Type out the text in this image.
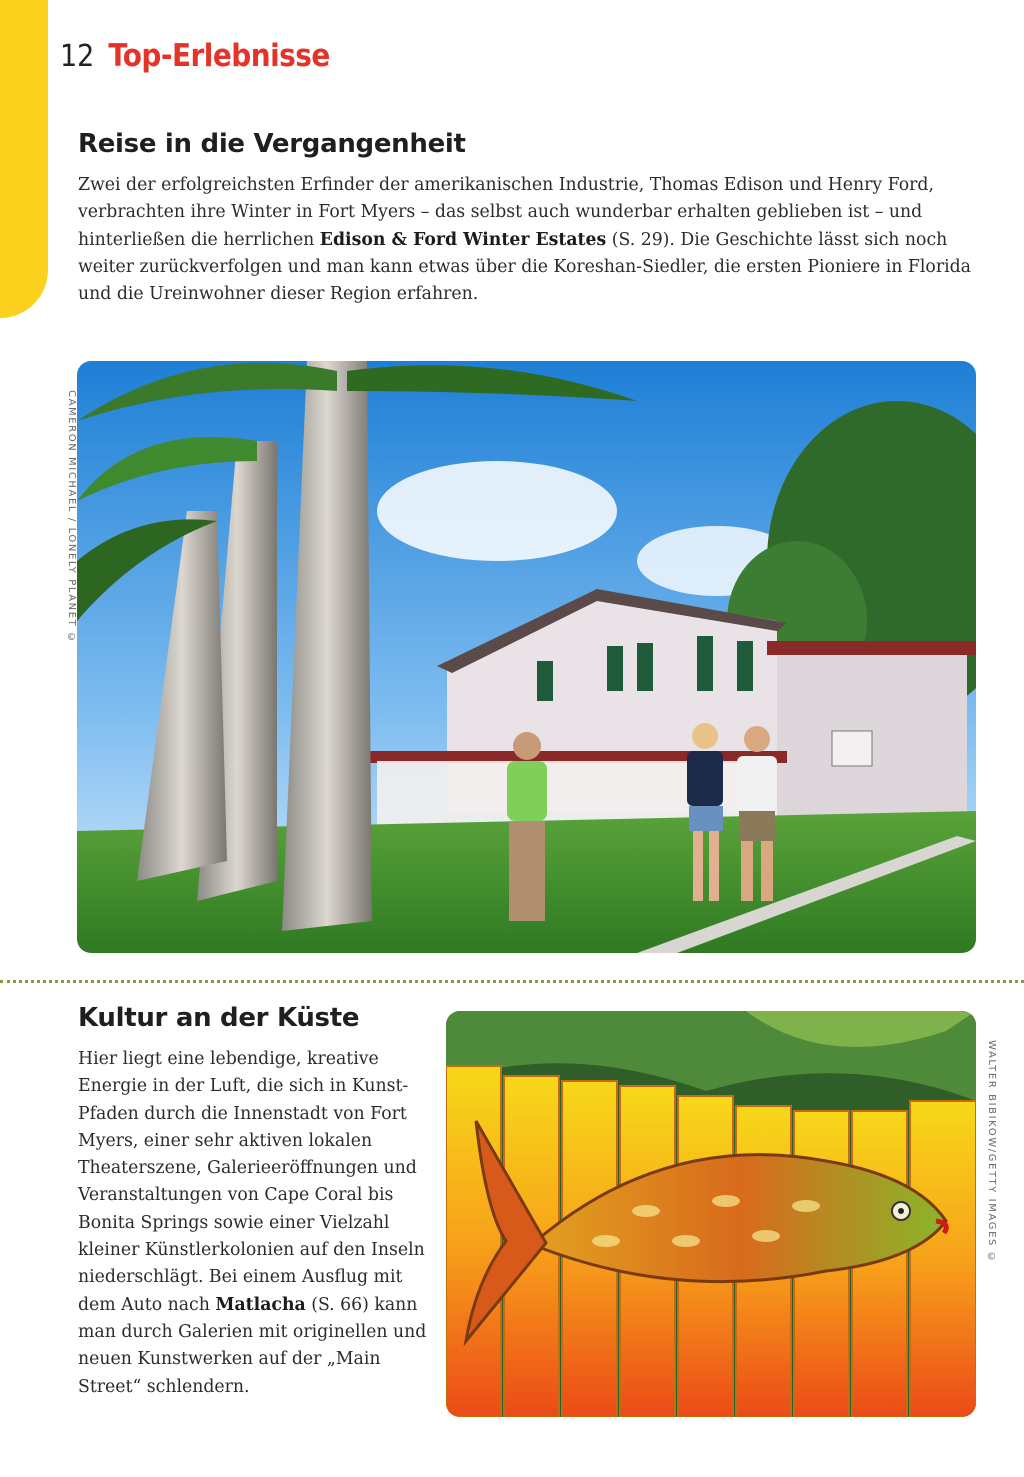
12 Top-Erlebnisse
Reise in die Vergangenheit

Zwei der erfolgreichsten Erfinder der amerikanischen Industrie, Thomas Edison und Henry Ford, verbrachten ihre Winter in Fort Myers – das selbst auch wunderbar erhalten geblieben ist – und hinterließen die herrlichen Edison & Ford Winter Estates (S. 29). Die Geschichte lässt sich noch weiter zurückverfolgen und man kann etwas über die Koreshan-Siedler, die ersten Pioniere in Florida und die Ureinwohner dieser Region erfahren.

CAMERON MICHAEL / LONELY PLANET ©
Kultur an der Küste

Hier liegt eine lebendige, kreative Energie in der Luft, die sich in Kunst-Pfaden durch die Innenstadt von Fort Myers, einer sehr aktiven lokalen Theaterszene, Galerieeröffnungen und Veranstaltungen von Cape Coral bis Bonita Springs sowie einer Vielzahl kleiner Künstlerkolonien auf den Inseln niederschlägt. Bei einem Ausflug mit dem Auto nach Matlacha (S. 66) kann man durch Galerien mit originellen und neuen Kunstwerken auf der „Main Street“ schlendern.

WALTER BIBIKOW/GETTY IMAGES ©
